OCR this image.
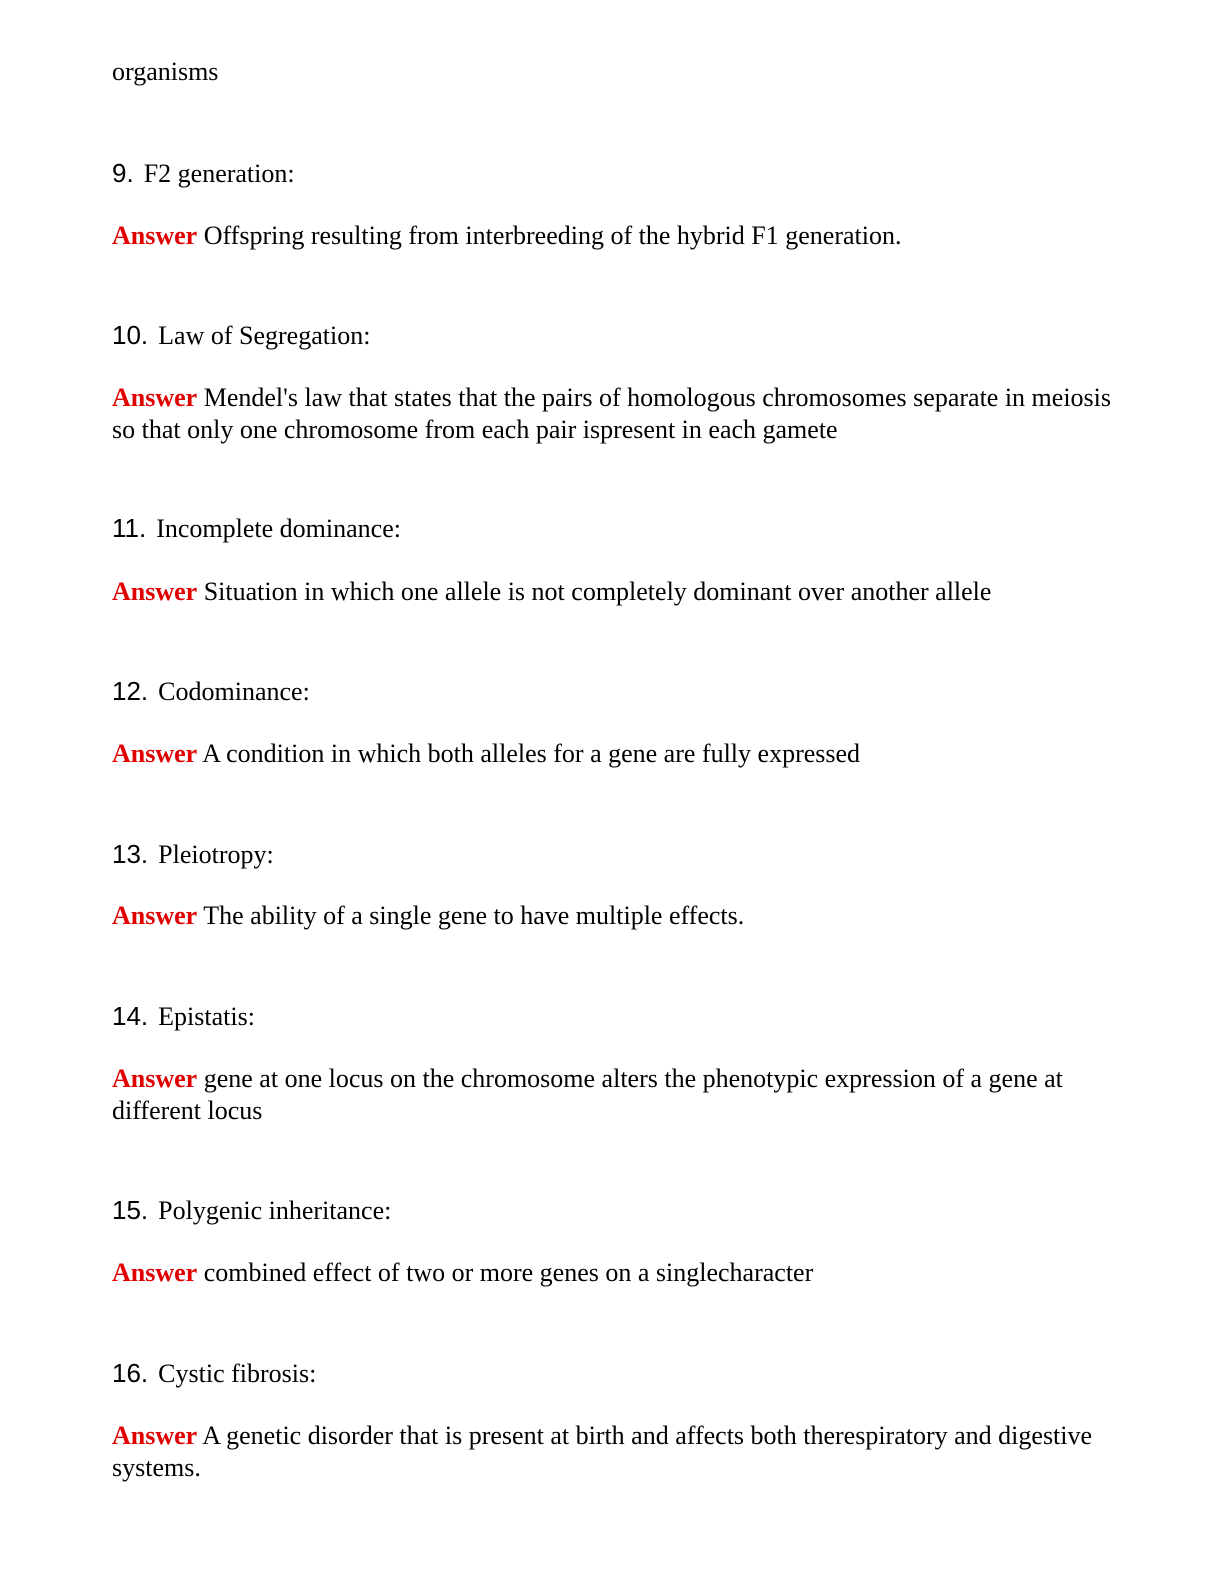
organisms
9. F2 generation:
Answer Offspring resulting from interbreeding of the hybrid F1 generation.
10. Law of Segregation:
Answer Mendel's law that states that the pairs of homologous chromosomes separate in meiosis so that only one chromosome from each pair ispresent in each gamete
11. Incomplete dominance:
Answer Situation in which one allele is not completely dominant over another allele
12. Codominance:
Answer A condition in which both alleles for a gene are fully expressed
13. Pleiotropy:
Answer The ability of a single gene to have multiple effects.
14. Epistatis:
Answer gene at one locus on the chromosome alters the phenotypic expression of a gene at different locus
15. Polygenic inheritance:
Answer combined effect of two or more genes on a singlecharacter
16. Cystic fibrosis:
Answer A genetic disorder that is present at birth and affects both therespiratory and digestive systems.
